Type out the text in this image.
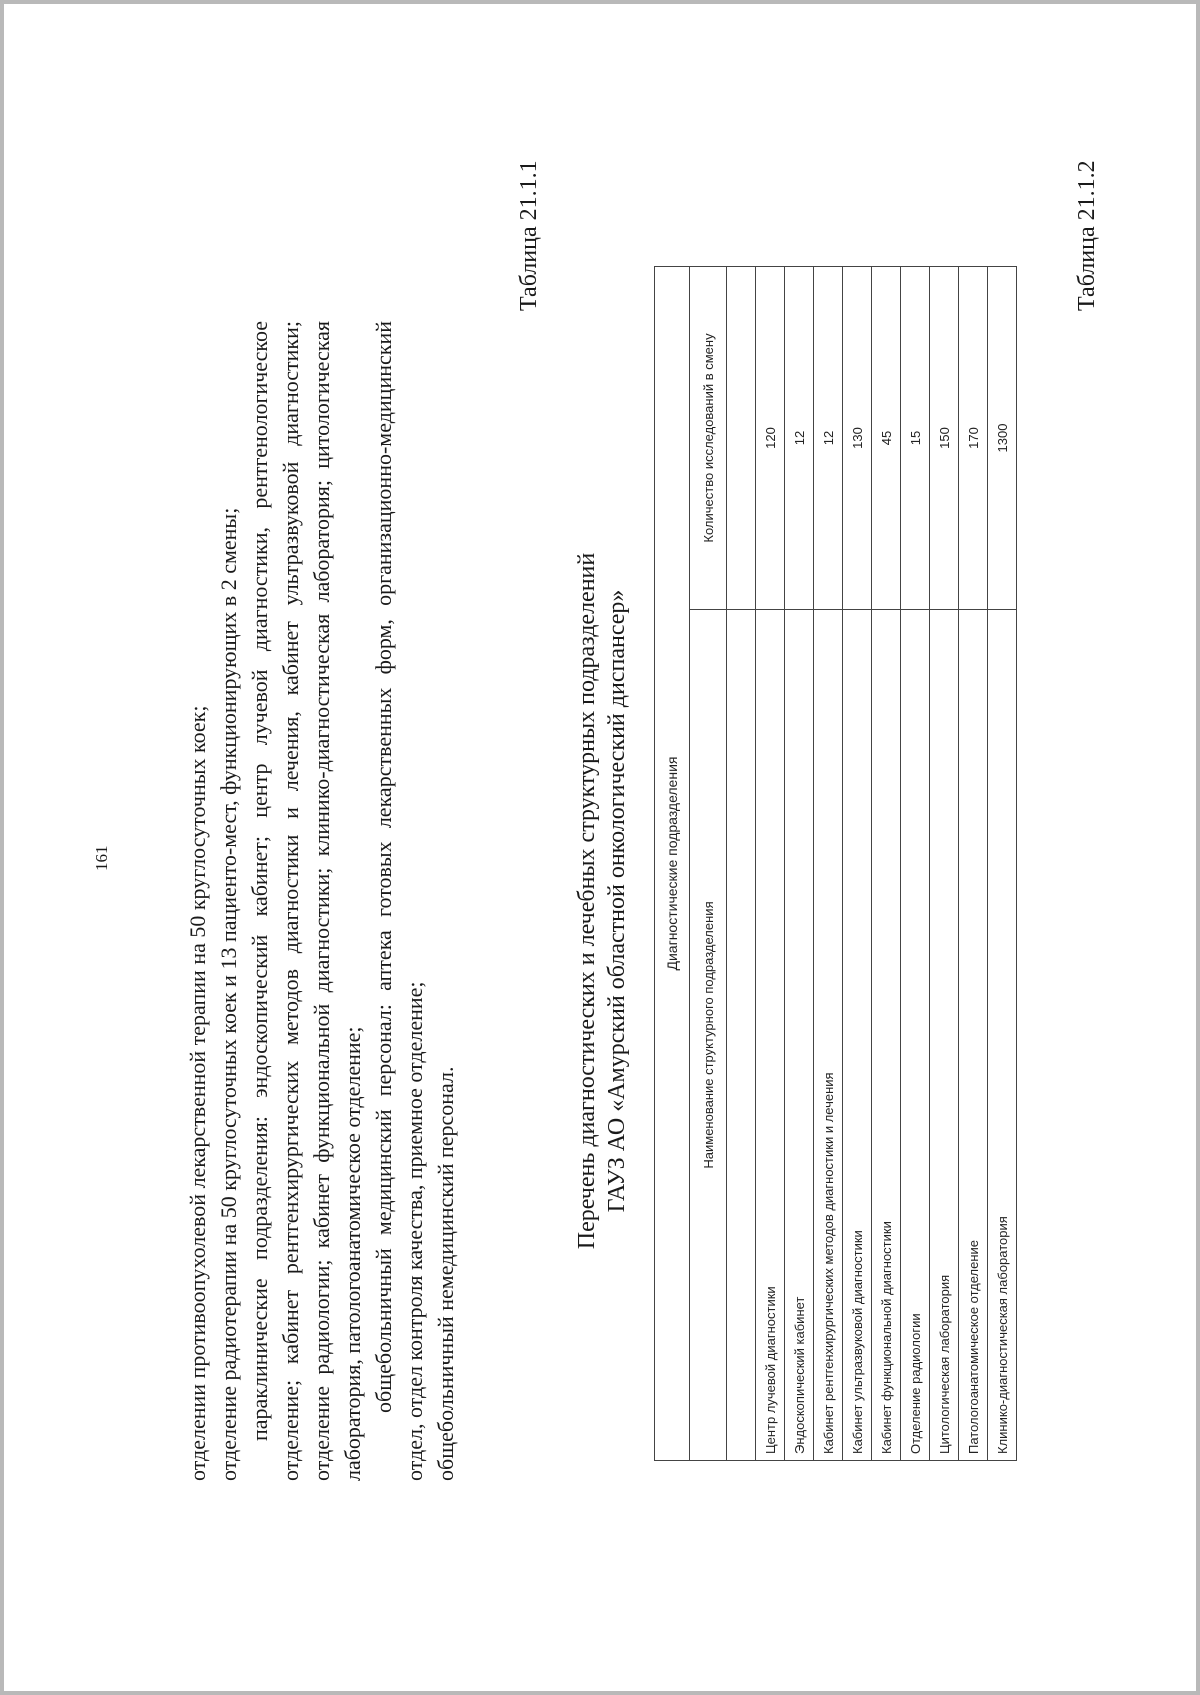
161	отделении противоопухолевой лекарственной терапии на 50 круглосуточных коек; отделение радиотерапии на 50 круглосуточных коек и 13 пациенто-мест, функционирующих в 2 смены; параклинические подразделения: эндоскопический кабинет; центр лучевой диагностики, рентгенологическое отделение; кабинет рентгенхирургических методов диагностики и лечения, кабинет ультразвуковой диагностики; отделение радиологии; кабинет функциональной диагностики; клинико-диагностическая лаборатория; цитологическая лаборатория, патологоанатомическое отделение; общебольничный медицинский персонал: аптека готовых лекарственных форм, организационно-медицинский отдел, отдел контроля качества, приемное отделение; общебольничный немедицинский персонал.

Таблица 21.1.1
Перечень диагностических и лечебных структурных подразделений ГАУЗ АО «Амурский областной онкологический диспансер» Диагностические подразделения	
Наименование структурного подразделения	Количество исследований в смену

Центр лучевой диагностики	120
Эндоскопический кабинет	12
Кабинет рентгенхирургических методов диагностики и лечения	12
Кабинет ультразвуковой диагностики	130
Кабинет функциональной диагностики	45
Отделение радиологии	15
Цитологическая лаборатория	150
Патологоанатомическое отделение	170
Клинико-диагностическая лаборатория	1300
Таблица 21.1.2
